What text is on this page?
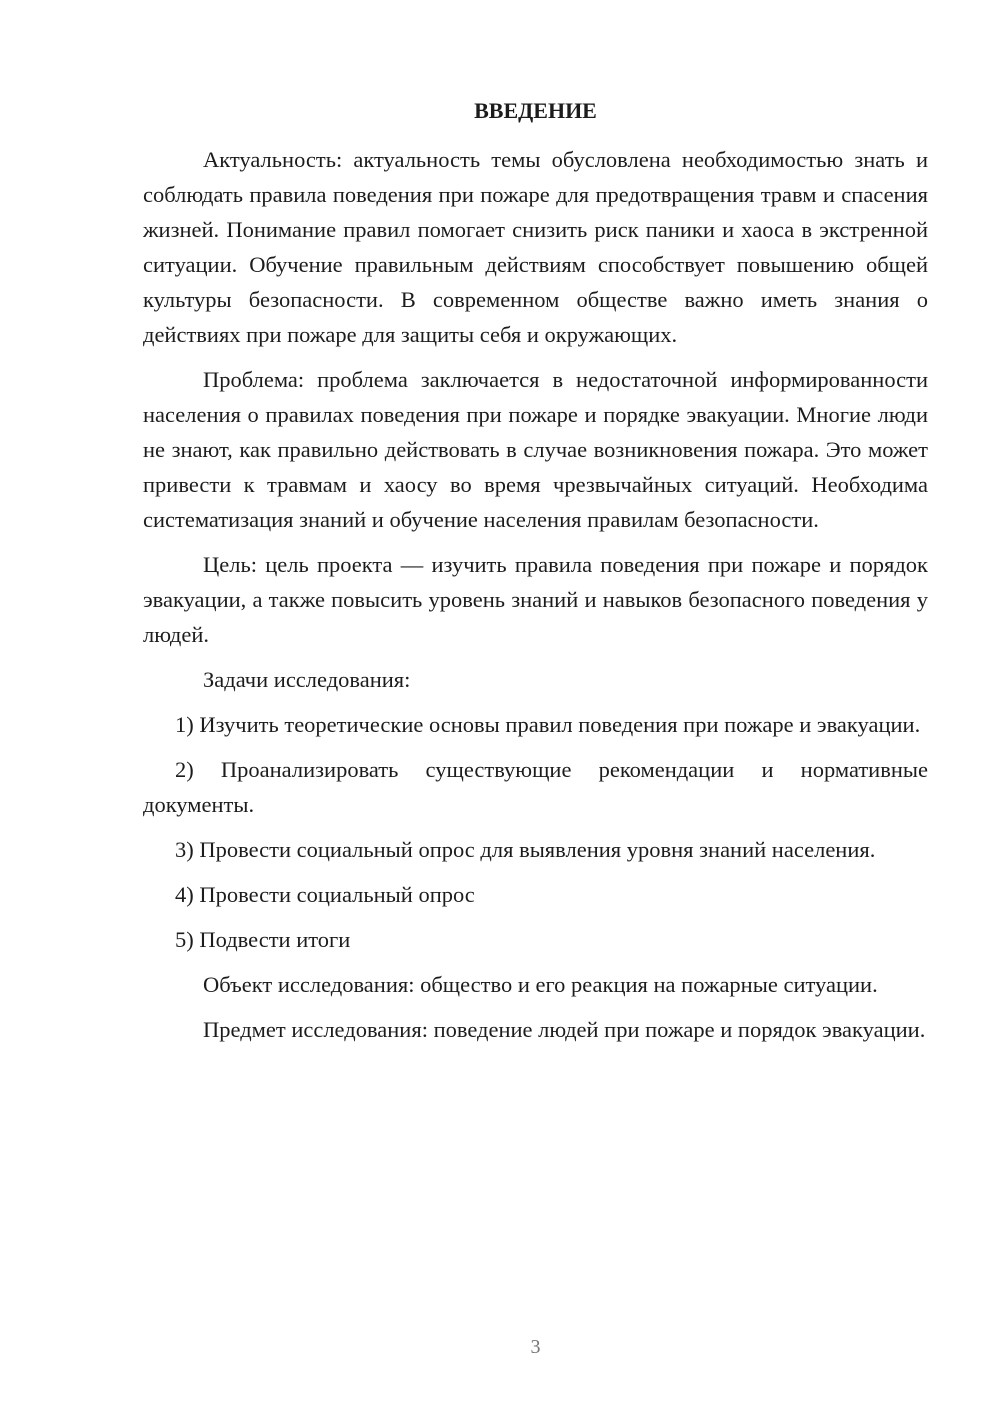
ВВЕДЕНИЕ

Актуальность: актуальность темы обусловлена необходимостью знать и соблюдать правила поведения при пожаре для предотвращения травм и спасения жизней. Понимание правил помогает снизить риск паники и хаоса в экстренной ситуации. Обучение правильным действиям способствует повышению общей культуры безопасности. В современном обществе важно иметь знания о действиях при пожаре для защиты себя и окружающих.

Проблема: проблема заключается в недостаточной информированности населения о правилах поведения при пожаре и порядке эвакуации. Многие люди не знают, как правильно действовать в случае возникновения пожара. Это может привести к травмам и хаосу во время чрезвычайных ситуаций. Необходима систематизация знаний и обучение населения правилам безопасности.

Цель: цель проекта — изучить правила поведения при пожаре и порядок эвакуации, а также повысить уровень знаний и навыков безопасного поведения у людей.

Задачи исследования:

1) Изучить теоретические основы правил поведения при пожаре и эвакуации.

2) Проанализировать существующие рекомендации и нормативные документы.

3) Провести социальный опрос для выявления уровня знаний населения.

4) Провести социальный опрос

5) Подвести итоги

Объект исследования: общество и его реакция на пожарные ситуации.

Предмет исследования: поведение людей при пожаре и порядок эвакуации.

3
